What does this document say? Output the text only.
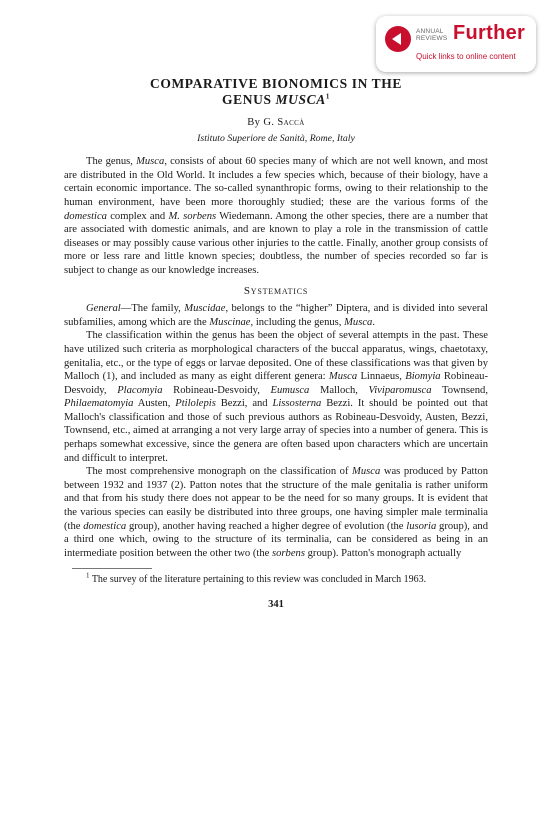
ANNUAL
REVIEWS Further
Quick links to online content
COMPARATIVE BIONOMICS IN THE
GENUS MUSCA$^1$
By G. Saccà
Istituto Superiore de Sanità, Rome, Italy

The genus, Musca, consists of about 60 species many of which are not well known, and most are distributed in the Old World. It includes a few species which, because of their biology, have a certain economic importance. The so-called synanthropic forms, owing to their relationship to the human environment, have been more thoroughly studied; these are the various forms of the domestica complex and M. sorbens Wiedemann. Among the other species, there are a number that are associated with domestic animals, and are known to play a role in the transmission of cattle diseases or may possibly cause various other injuries to the cattle. Finally, another group consists of more or less rare and little known species; doubtless, the number of species recorded so far is subject to change as our knowledge increases.

Systematics

General—The family, Muscidae, belongs to the “higher” Diptera, and is divided into several subfamilies, among which are the Muscinae, including the genus, Musca.

The classification within the genus has been the object of several attempts in the past. These have utilized such criteria as morphological characters of the buccal apparatus, wings, chaetotaxy, genitalia, etc., or the type of eggs or larvae deposited. One of these classifications was that given by Malloch (1), and included as many as eight different genera: Musca Linnaeus, Biomyia Robineau-Desvoidy, Placomyia Robineau-Desvoidy, Eumusca Malloch, Viviparomusca Townsend, Philaematomyia Austen, Ptilolepis Bezzi, and Lissosterna Bezzi. It should be pointed out that Malloch's classification and those of such previous authors as Robineau-Desvoidy, Austen, Bezzi, Townsend, etc., aimed at arranging a not very large array of species into a number of genera. This is perhaps somewhat excessive, since the genera are often based upon characters which are uncertain and difficult to interpret.

The most comprehensive monograph on the classification of Musca was produced by Patton between 1932 and 1937 (2). Patton notes that the structure of the male genitalia is rather uniform and that from his study there does not appear to be the need for so many groups. It is evident that the various species can easily be distributed into three groups, one having simpler male terminalia (the domestica group), another having reached a higher degree of evolution (the lusoria group), and a third one which, owing to the structure of its terminalia, can be considered as being in an intermediate position between the other two (the sorbens group). Patton's monograph actually

$^1$ The survey of the literature pertaining to this review was concluded in March 1963.
341
